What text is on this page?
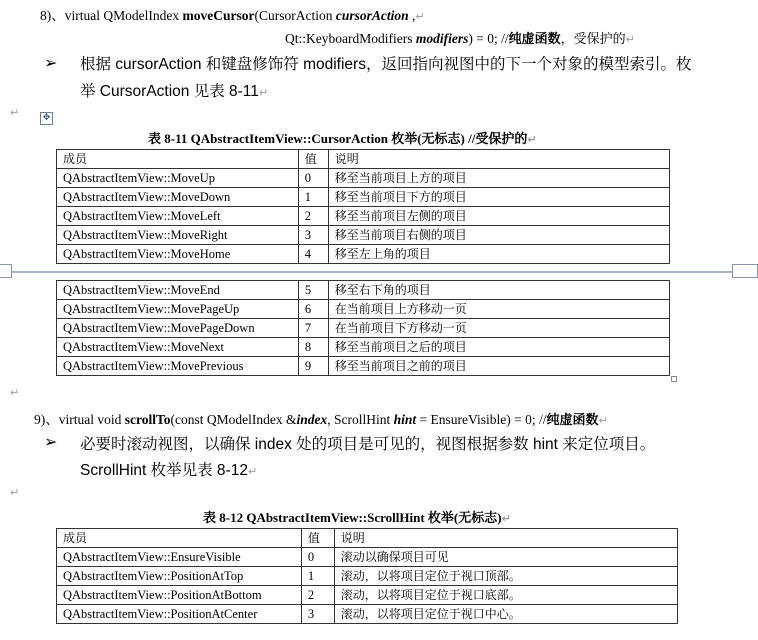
8)、virtual QModelIndex moveCursor(CursorAction cursorAction ,↵
Qt::KeyboardModifiers modifiers) = 0; //纯虚函数，受保护的↵
➢ 根据 cursorAction 和键盘修饰符 modifiers，返回指向视图中的下一个对象的模型索引。枚
举 CursorAction 见表 8-11↵
↵	✥
表 8-11 QAbstractItemView::CursorAction 枚举(无标志) //受保护的↵
成员	值	说明
QAbstractItemView::MoveUp	0	移至当前项目上方的项目
QAbstractItemView::MoveDown	1	移至当前项目下方的项目
QAbstractItemView::MoveLeft	2	移至当前项目左侧的项目
QAbstractItemView::MoveRight	3	移至当前项目右侧的项目
QAbstractItemView::MoveHome	4	移至左上角的项目
QAbstractItemView::MoveEnd	5	移至右下角的项目
QAbstractItemView::MovePageUp	6	在当前项目上方移动一页
QAbstractItemView::MovePageDown	7	在当前项目下方移动一页
QAbstractItemView::MoveNext	8	移至当前项目之后的项目
QAbstractItemView::MovePrevious	9	移至当前项目之前的项目
↵
9)、virtual void scrollTo(const QModelIndex &index, ScrollHint hint = EnsureVisible) = 0; //纯虚函数↵
➢ 必要时滚动视图，以确保 index 处的项目是可见的，视图根据参数 hint 来定位项目。
ScrollHint 枚举见表 8-12↵
↵
表 8-12 QAbstractItemView::ScrollHint 枚举(无标志)↵
成员	值	说明
QAbstractItemView::EnsureVisible	0	滚动以确保项目可见
QAbstractItemView::PositionAtTop	1	滚动，以将项目定位于视口顶部。
QAbstractItemView::PositionAtBottom	2	滚动，以将项目定位于视口底部。
QAbstractItemView::PositionAtCenter	3	滚动，以将项目定位于视口中心。
